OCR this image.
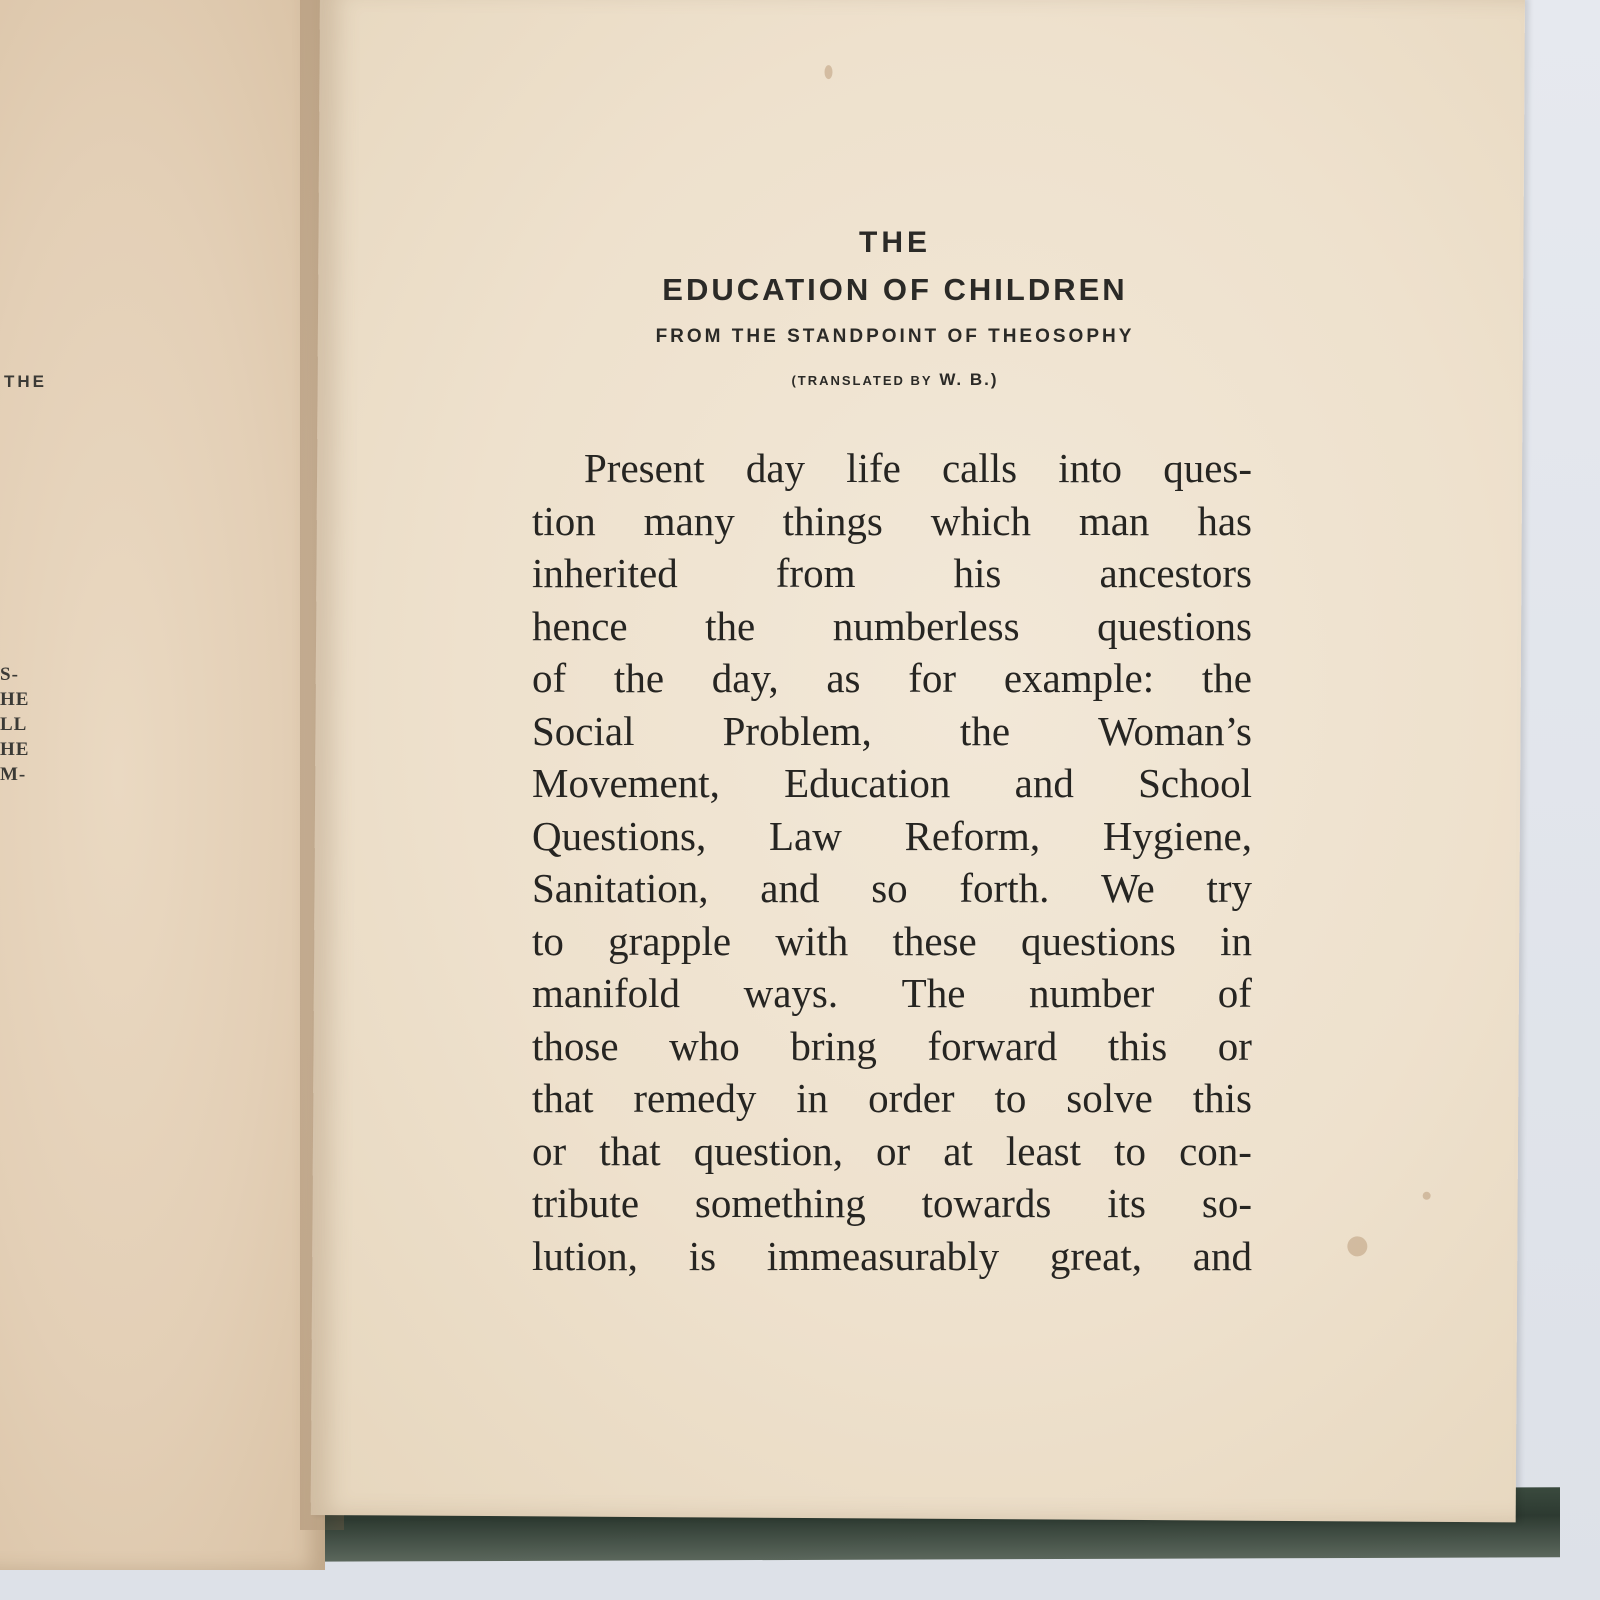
THE
S-
HE
LL
HE
M-
THE
EDUCATION OF CHILDREN
FROM THE STANDPOINT OF THEOSOPHY
(TRANSLATED BY W. B.)
Present day life calls into ques-
tion many things which man has
inherited from his ancestors
hence the numberless questions
of the day, as for example: the
Social Problem, the Woman’s
Movement, Education and School
Questions, Law Reform, Hygiene,
Sanitation, and so forth. We try
to grapple with these questions in
manifold ways. The number of
those who bring forward this or
that remedy in order to solve this
or that question, or at least to con-
tribute something towards its so-
lution, is immeasurably great, and
